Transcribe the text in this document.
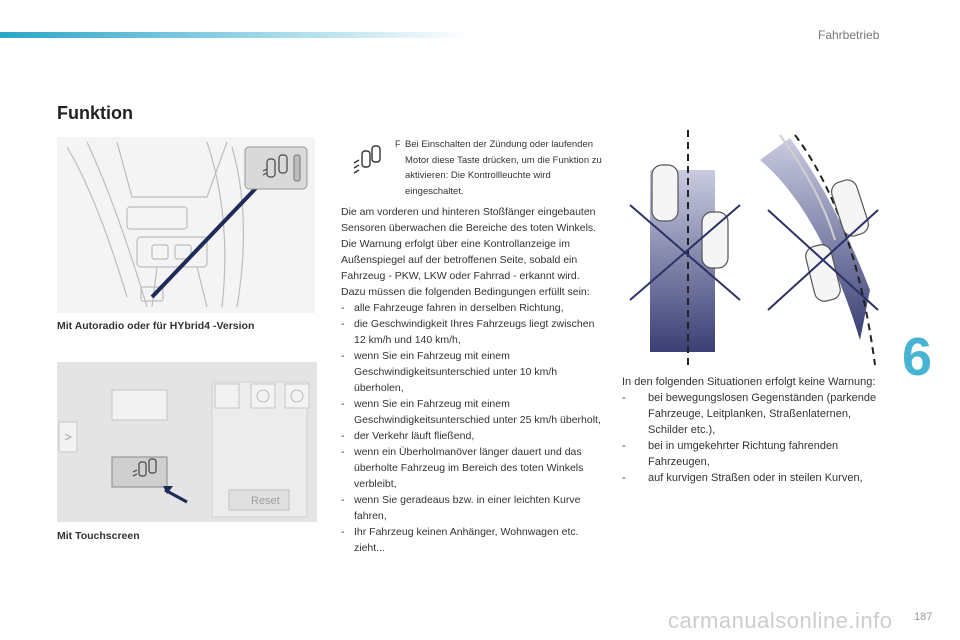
Fahrbetrieb
Funktion
Mit Autoradio oder für HYbrid4 -Version
Reset
Mit Touchscreen
F Bei Einschalten der Zündung oder laufenden Motor diese Taste drücken, um die Funktion zu aktivieren: Die Kontrollleuchte wird eingeschaltet.

Die am vorderen und hinteren Stoßfänger eingebauten Sensoren überwachen die Bereiche des toten Winkels.

Die Warnung erfolgt über eine Kontrollanzeige im Außenspiegel auf der betroffenen Seite, sobald ein Fahrzeug - PKW, LKW oder Fahrrad - erkannt wird.

Dazu müssen die folgenden Bedingungen erfüllt sein:

- alle Fahrzeuge fahren in derselben Richtung,
- die Geschwindigkeit Ihres Fahrzeugs liegt zwischen 12 km/h und 140 km/h,
- wenn Sie ein Fahrzeug mit einem Geschwindigkeitsunterschied unter 10 km/h überholen,
- wenn Sie ein Fahrzeug mit einem Geschwindigkeitsunterschied unter 25 km/h überholt,
- der Verkehr läuft fließend,
- wenn ein Überholmanöver länger dauert und das überholte Fahrzeug im Bereich des toten Winkels verbleibt,
- wenn Sie geradeaus bzw. in einer leichten Kurve fahren,
- Ihr Fahrzeug keinen Anhänger, Wohnwagen etc. zieht...

In den folgenden Situationen erfolgt keine Warnung:

- bei bewegungslosen Gegenständen (parkende Fahrzeuge, Leitplanken, Straßenlaternen, Schilder etc.),
- bei in umgekehrter Richtung fahrenden Fahrzeugen,
- auf kurvigen Straßen oder in steilen Kurven,
6
carmanualsonline.info 187
